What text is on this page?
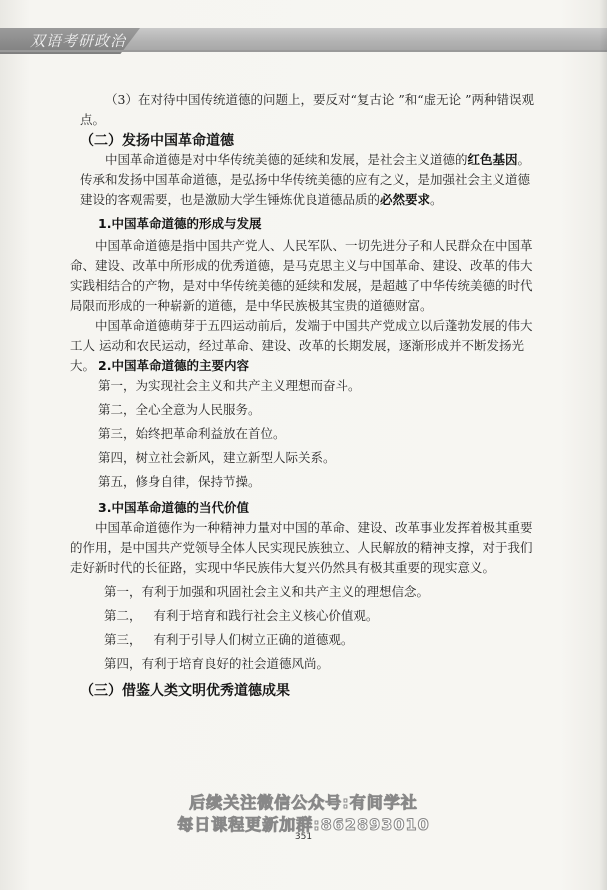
双语考研政治

（3）在对待中国传统道德的问题上，要反对“复古论 ”和“虚无论 ”两种错误观点。

（二）发扬中国革命道德

中国革命道德是对中华传统美德的延续和发展，是社会主义道德的红色基因。传承和发扬中国革命道德，是弘扬中华传统美德的应有之义，是加强社会主义道德建设的客观需要，也是激励大学生锤炼优良道德品质的必然要求。

1.中国革命道德的形成与发展

中国革命道德是指中国共产党人、人民军队、一切先进分子和人民群众在中国革命、建设、改革中所形成的优秀道德，是马克思主义与中国革命、建设、改革的伟大实践相结合的产物，是对中华传统美德的延续和发展，是超越了中华传统美德的时代局限而形成的一种崭新的道德，是中华民族极其宝贵的道德财富。

中国革命道德萌芽于五四运动前后，发端于中国共产党成立以后蓬勃发展的伟大工人 运动和农民运动，经过革命、建设、改革的长期发展，逐渐形成并不断发扬光大。 2.中国革命道德的主要内容
第一，为实现社会主义和共产主义理想而奋斗。
第二，全心全意为人民服务。
第三，始终把革命利益放在首位。
第四，树立社会新风，建立新型人际关系。
第五，修身自律，保持节操。
3.中国革命道德的当代价值

中国革命道德作为一种精神力量对中国的革命、建设、改革事业发挥着极其重要的作用，是中国共产党领导全体人民实现民族独立、人民解放的精神支撑，对于我们走好新时代的长征路，实现中华民族伟大复兴仍然具有极其重要的现实意义。

第一，有利于加强和巩固社会主义和共产主义的理想信念。
第二，   有利于培育和践行社会主义核心价值观。
第三，   有利于引导人们树立正确的道德观。
第四，有利于培育良好的社会道德风尚。
（三）借鉴人类文明优秀道德成果
后续关注微信公众号:有间学社
每日课程更新加群:862893010
351
